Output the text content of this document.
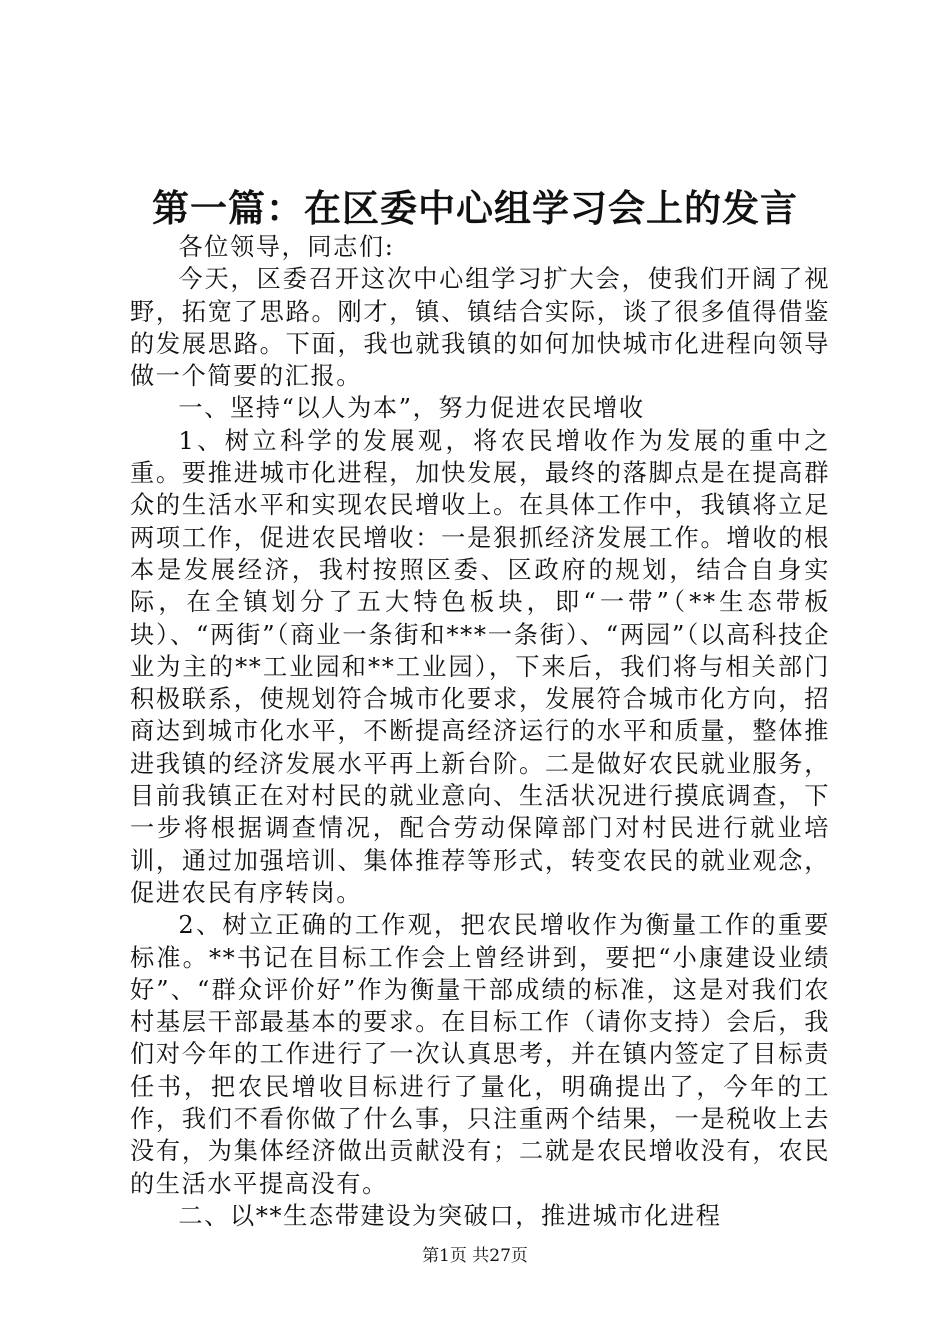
第一篇：在区委中心组学习会上的发言

各位领导，同志们:

今天，区委召开这次中心组学习扩大会，使我们开阔了视野，拓宽了思路。刚才，镇、镇结合实际，谈了很多值得借鉴的发展思路。下面，我也就我镇的如何加快城市化进程向领导做一个简要的汇报。

一、坚持“以人为本”，努力促进农民增收

1、树立科学的发展观，将农民增收作为发展的重中之重。要推进城市化进程，加快发展，最终的落脚点是在提高群众的生活水平和实现农民增收上。在具体工作中，我镇将立足两项工作，促进农民增收：一是狠抓经济发展工作。增收的根本是发展经济，我村按照区委、区政府的规划，结合自身实际，在全镇划分了五大特色板块，即“一带”（**生态带板块）、“两街”（商业一条街和***一条街）、“两园”（以高科技企业为主的**工业园和**工业园），下来后，我们将与相关部门积极联系，使规划符合城市化要求，发展符合城市化方向，招商达到城市化水平，不断提高经济运行的水平和质量，整体推进我镇的经济发展水平再上新台阶。二是做好农民就业服务，目前我镇正在对村民的就业意向、生活状况进行摸底调查，下一步将根据调查情况，配合劳动保障部门对村民进行就业培训，通过加强培训、集体推荐等形式，转变农民的就业观念，促进农民有序转岗。

2、树立正确的工作观，把农民增收作为衡量工作的重要标准。**书记在目标工作会上曾经讲到，要把“小康建设业绩好”、“群众评价好”作为衡量干部成绩的标准，这是对我们农村基层干部最基本的要求。在目标工作（请你支持）会后，我们对今年的工作进行了一次认真思考，并在镇内签定了目标责任书，把农民增收目标进行了量化，明确提出了，今年的工作，我们不看你做了什么事，只注重两个结果，一是税收上去没有，为集体经济做出贡献没有；二就是农民增收没有，农民的生活水平提高没有。

二、以**生态带建设为突破口，推进城市化进程

第1页 共27页
